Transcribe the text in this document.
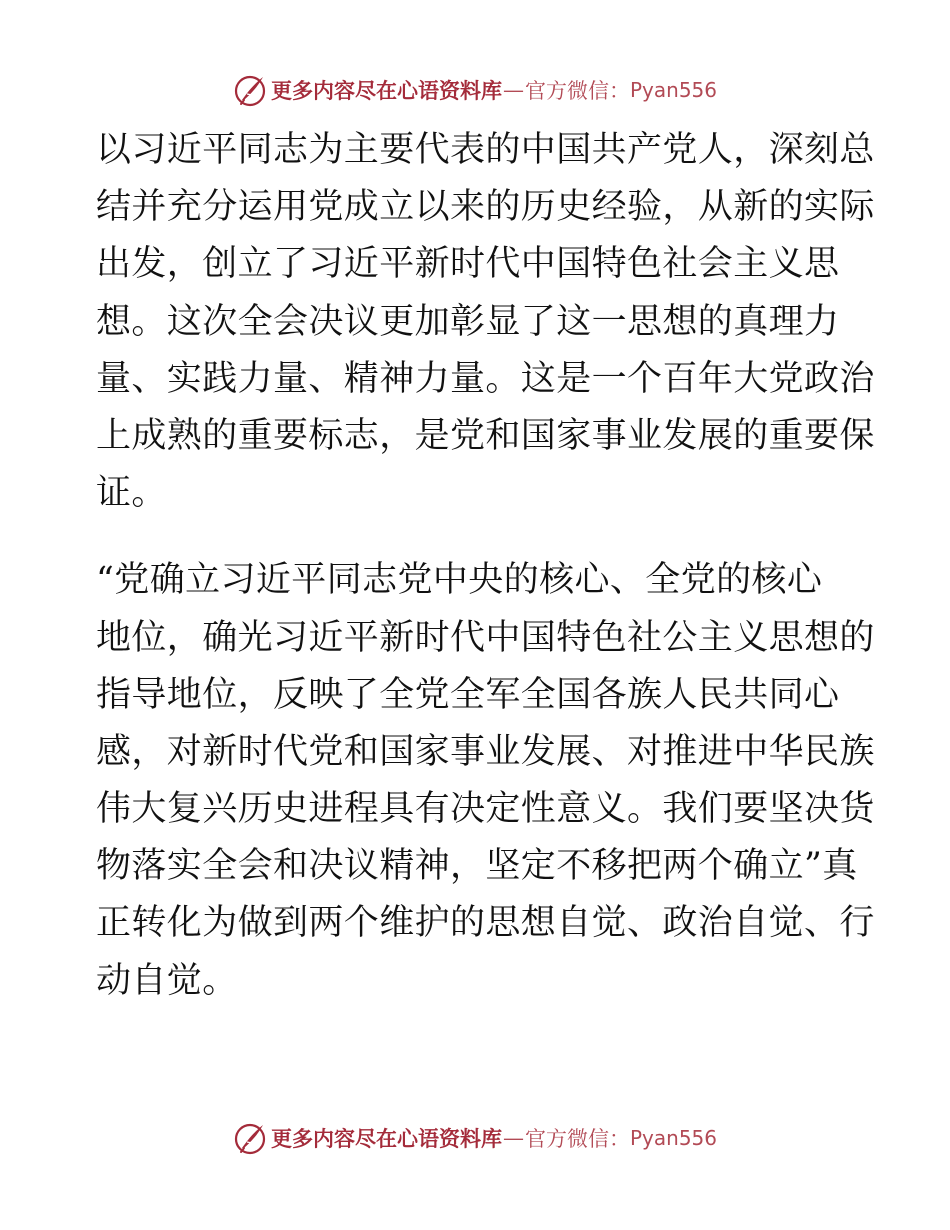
更多内容尽在心语资料库 — 官方微信： Pyan556
以习近平同志为主要代表的中国共产党人，深刻总
结并充分运用党成立以来的历史经验，从新的实际
出发，创立了习近平新时代中国特色社会主义思
想。这次全会决议更加彰显了这一思想的真理力
量、实践力量、精神力量。这是一个百年大党政治
上成熟的重要标志，是党和国家事业发展的重要保
证。
“党确立习近平同志党中央的核心、全党的核心
地位，确光习近平新时代中国特色社公主义思想的
指导地位，反映了全党全军全国各族人民共同心
感，对新时代党和国家事业发展、对推进中华民族
伟大复兴历史进程具有决定性意义。我们要坚决货
物落实全会和决议精神，坚定不移把两个确立”真
正转化为做到两个维护的思想自觉、政治自觉、行
动自觉。
更多内容尽在心语资料库 — 官方微信： Pyan556
